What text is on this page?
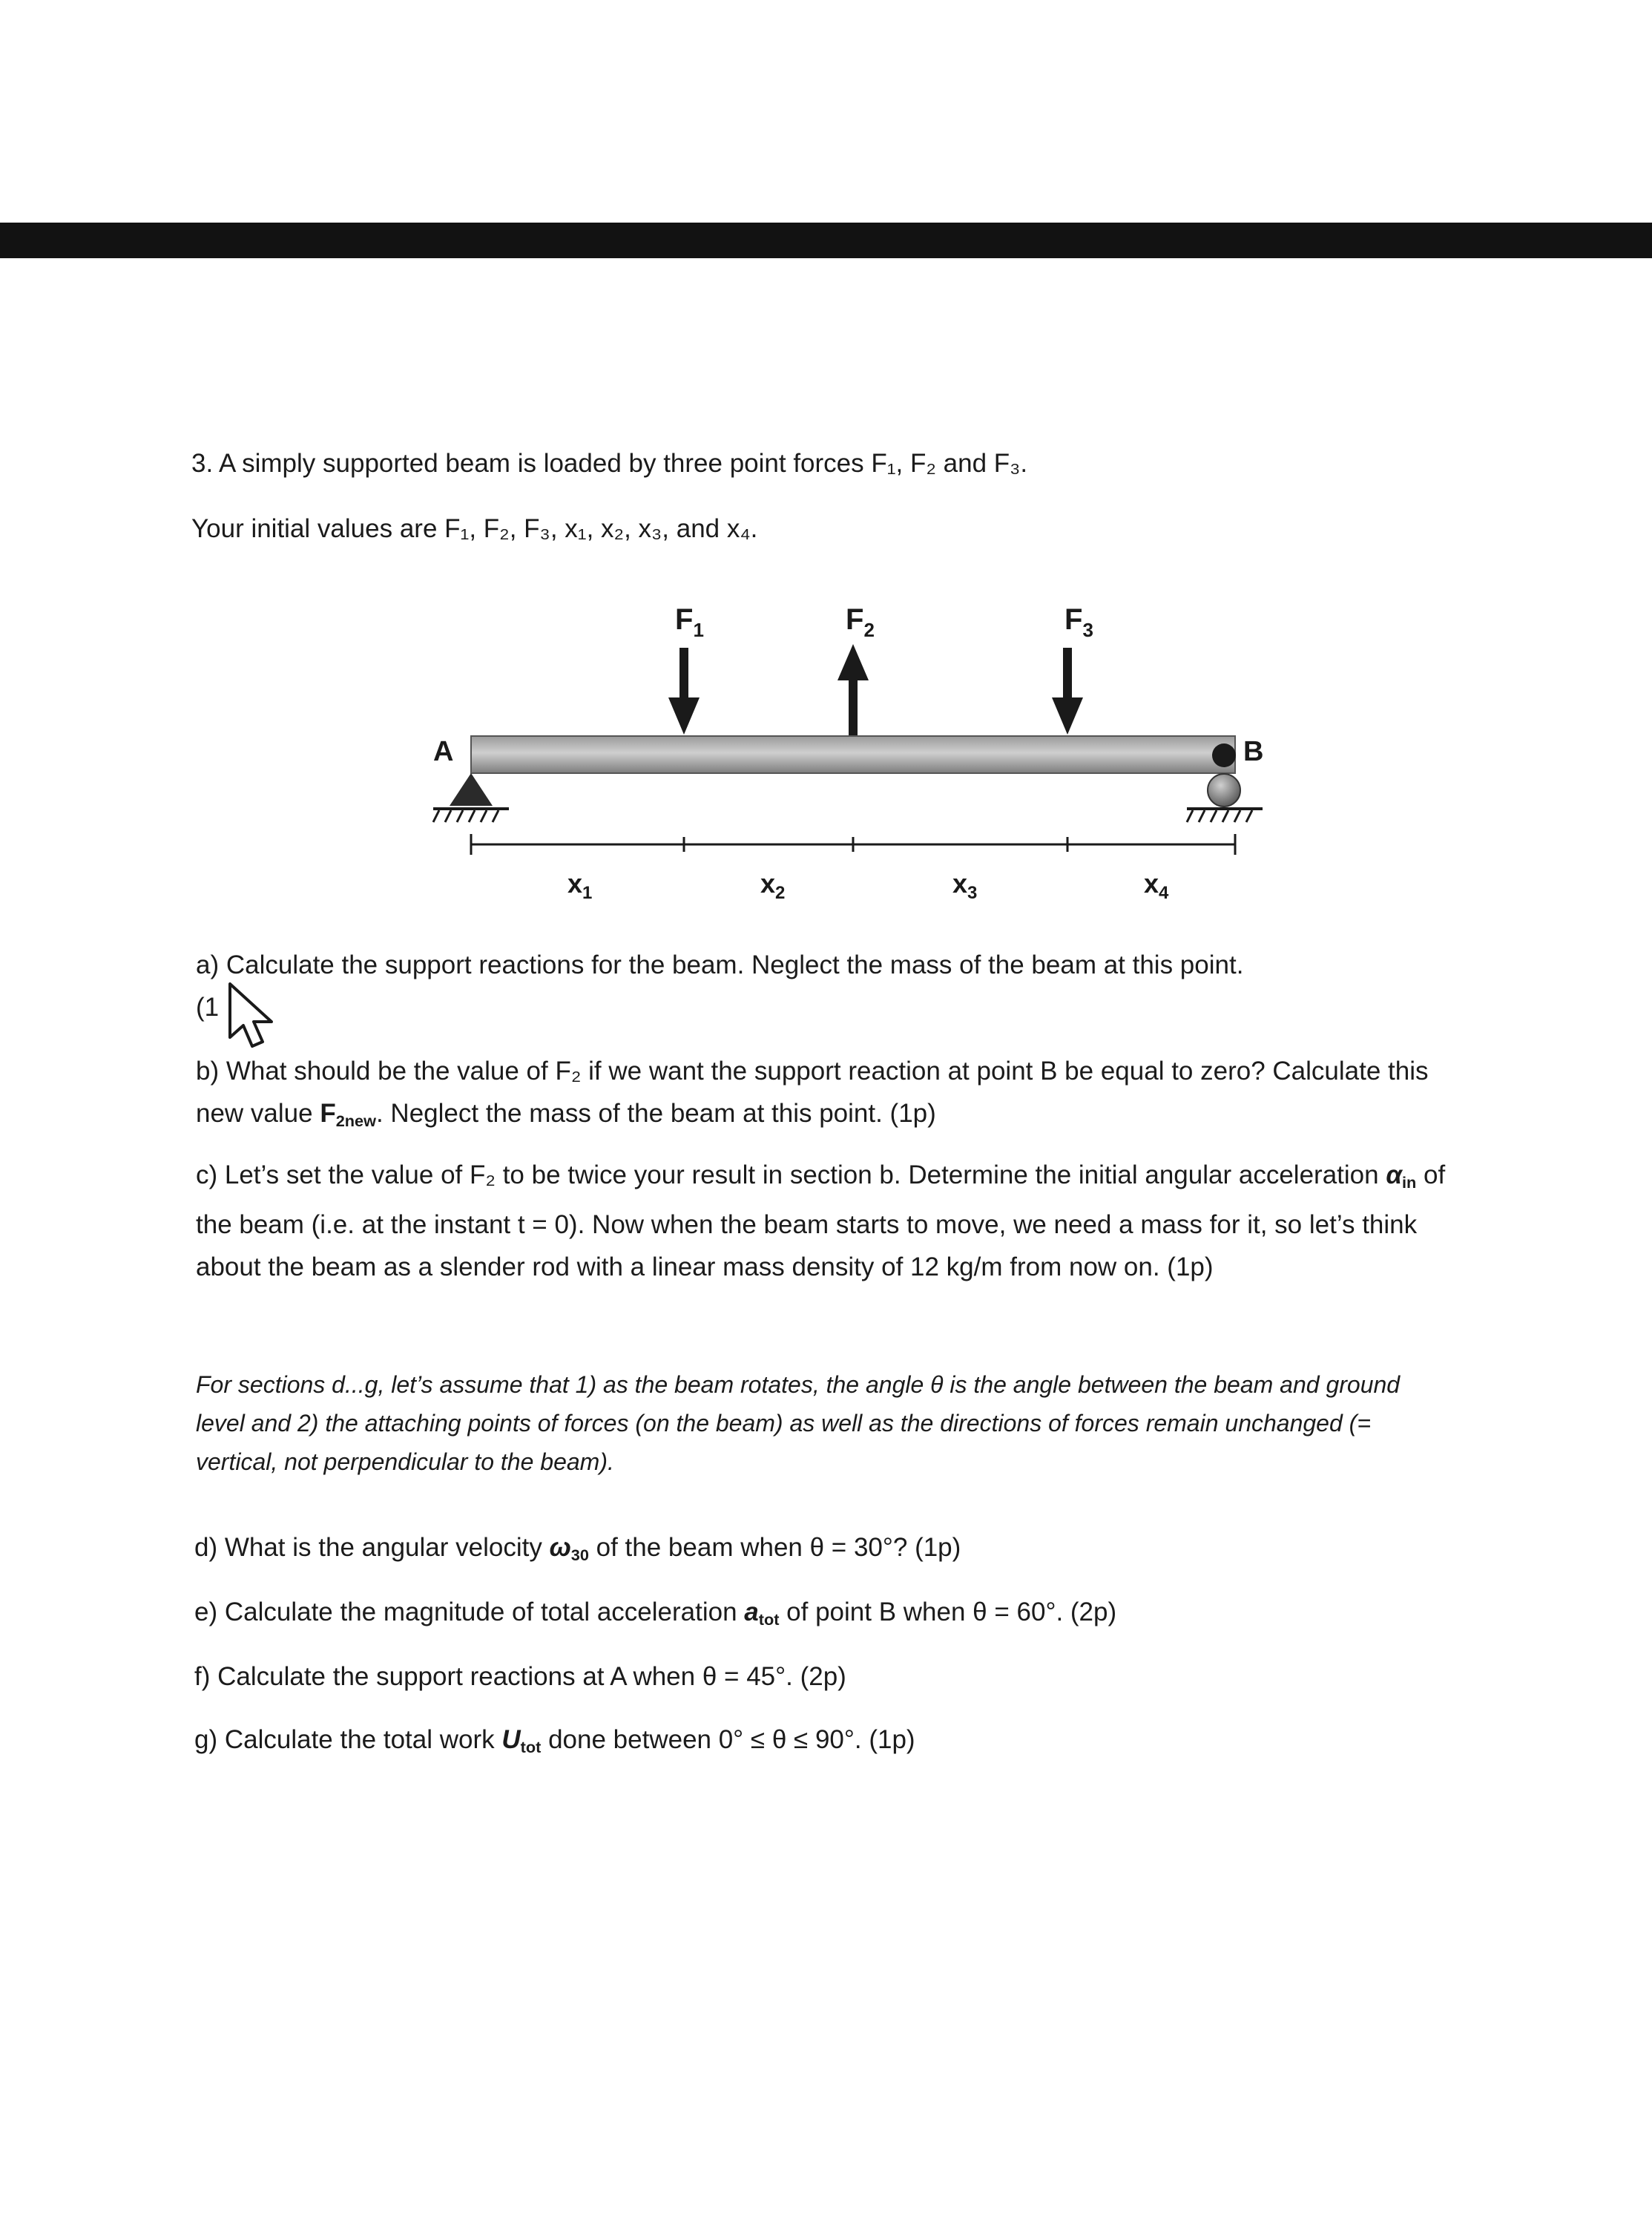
3. A simply supported beam is loaded by three point forces F₁, F₂ and F₃.
Your initial values are F₁, F₂, F₃, x₁, x₂, x₃, and x₄.
$F_1$	$F_2$	$F_3$
A	B
$x_1$	$x_2$	$x_3$	$x_4$
a) Calculate the support reactions for the beam. Neglect the mass of the beam at this point.
(1
b) What should be the value of F₂ if we want the support reaction at point B be equal to zero? Calculate this new value $F_{2new}$. Neglect the mass of the beam at this point. (1p)
c) Let’s set the value of F₂ to be twice your result in section b. Determine the initial angular acceleration $\alpha_{in}$ of the beam (i.e. at the instant t = 0). Now when the beam starts to move, we need a mass for it, so let’s think about the beam as a slender rod with a linear mass density of 12 kg/m from now on. (1p)
For sections d...g, let’s assume that 1) as the beam rotates, the angle θ is the angle between the beam and ground level and 2) the attaching points of forces (on the beam) as well as the directions of forces remain unchanged (= vertical, not perpendicular to the beam).
d) What is the angular velocity $\omega_{30}$ of the beam when θ = 30°? (1p)
e) Calculate the magnitude of total acceleration $a_{tot}$ of point B when θ = 60°. (2p)
f) Calculate the support reactions at A when θ = 45°. (2p)
g) Calculate the total work $U_{tot}$ done between 0° ≤ θ ≤ 90°. (1p)
